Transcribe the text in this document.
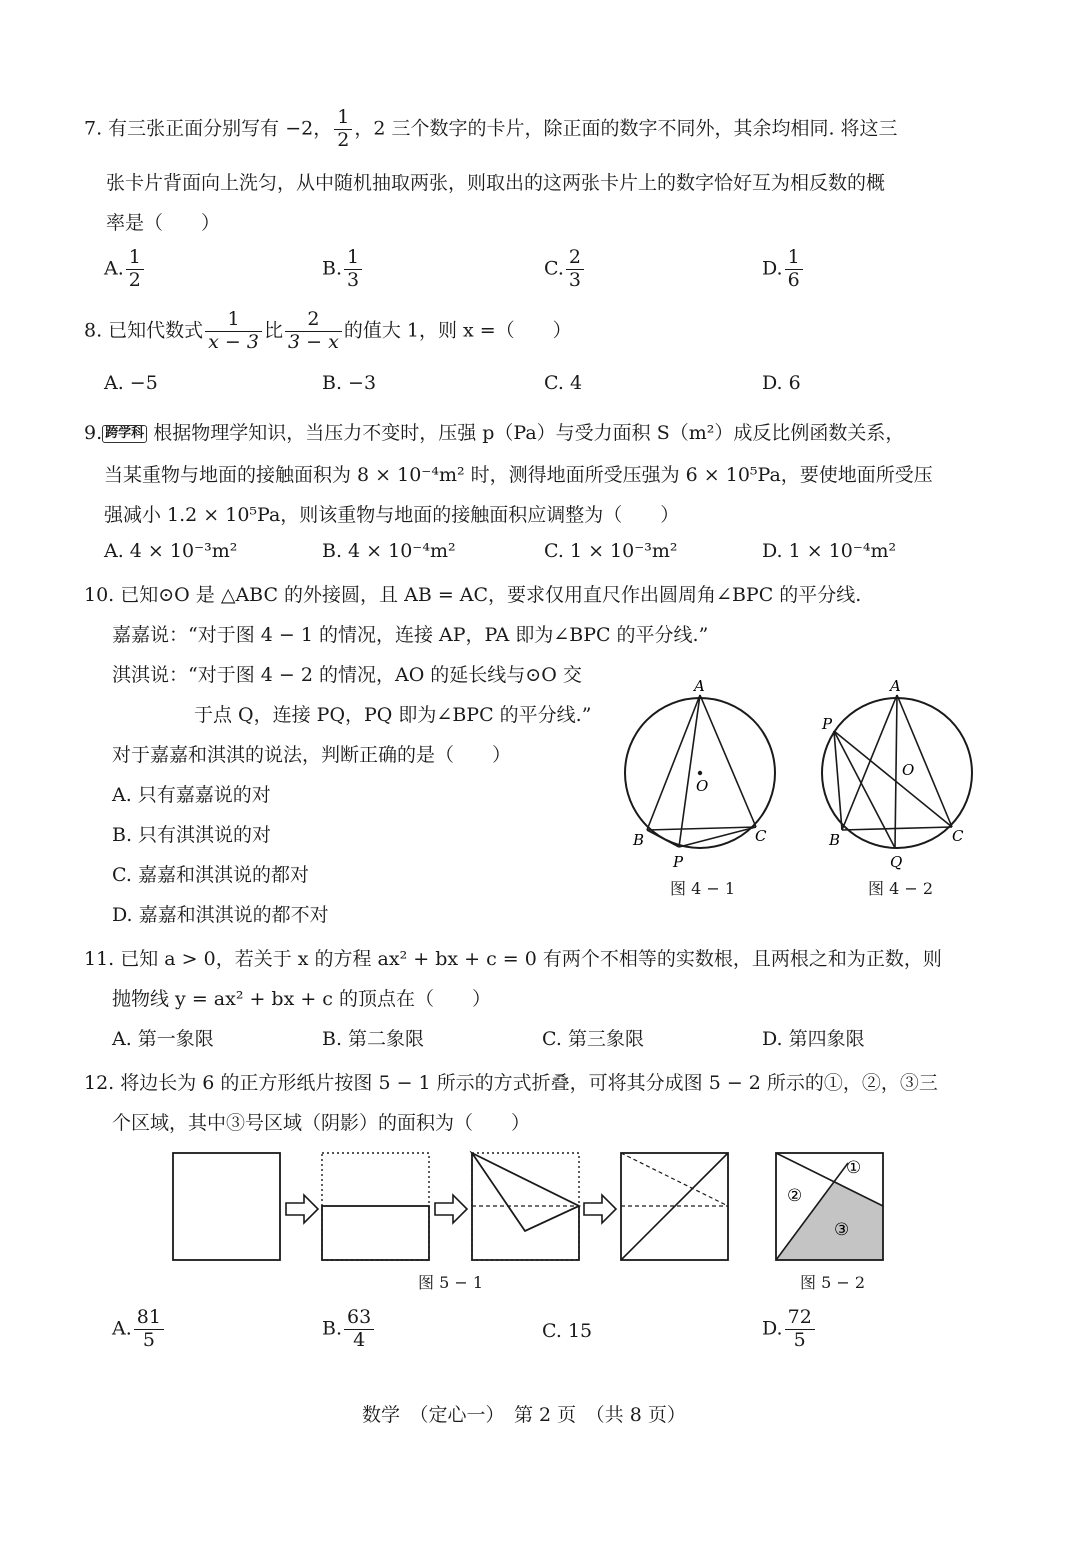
7. 有三张正面分别写有 −2， $\frac{1}{2}$ ，2 三个数字的卡片，除正面的数字不同外，其余均相同. 将这三
张卡片背面向上洗匀，从中随机抽取两张，则取出的这两张卡片上的数字恰好互为相反数的概
率是（　　）
A. $\frac{1}{2}$	B. $\frac{1}{3}$	C. $\frac{2}{3}$	D. $\frac{1}{6}$
8. 已知代数式 $\frac{1}{x - 3}$ 比 $\frac{2}{3 - x}$ 的值大 1，则 x =（　　）
A. −5	B. −3	C. 4	D. 6
9. 跨学科 根据物理学知识，当压力不变时，压强 p（Pa）与受力面积 S（m²）成反比例函数关系，
当某重物与地面的接触面积为 8 × 10⁻⁴m² 时，测得地面所受压强为 6 × 10⁵Pa，要使地面所受压
强减小 1.2 × 10⁵Pa，则该重物与地面的接触面积应调整为（　　）
A. 4 × 10⁻³m²	B. 4 × 10⁻⁴m²	C. 1 × 10⁻³m²	D. 1 × 10⁻⁴m²
10. 已知⊙O 是 △ABC 的外接圆，且 AB = AC，要求仅用直尺作出圆周角∠BPC 的平分线.
嘉嘉说：“对于图 4 − 1 的情况，连接 AP，PA 即为∠BPC 的平分线.”
淇淇说：“对于图 4 − 2 的情况，AO 的延长线与⊙O 交
于点 Q，连接 PQ，PQ 即为∠BPC 的平分线.”
对于嘉嘉和淇淇的说法，判断正确的是（　　）
A. 只有嘉嘉说的对
B. 只有淇淇说的对
C. 嘉嘉和淇淇说的都对
D. 嘉嘉和淇淇说的都不对
A
O
B	C
P
图 4 − 1
A
O
P
B	C
Q
图 4 − 2
11. 已知 a > 0，若关于 x 的方程 ax² + bx + c = 0 有两个不相等的实数根，且两根之和为正数，则
抛物线 y = ax² + bx + c 的顶点在（　　）
A. 第一象限	B. 第二象限	C. 第三象限	D. 第四象限
12. 将边长为 6 的正方形纸片按图 5 − 1 所示的方式折叠，可将其分成图 5 − 2 所示的①，②，③三
个区域，其中③号区域（阴影）的面积为（　　）
图 5 − 1
①
②
③
图 5 − 2
A. $\frac{81}{5}$	B. $\frac{63}{4}$	C. 15	D. $\frac{72}{5}$
数学　（定心一）　第 2 页　（共 8 页）
